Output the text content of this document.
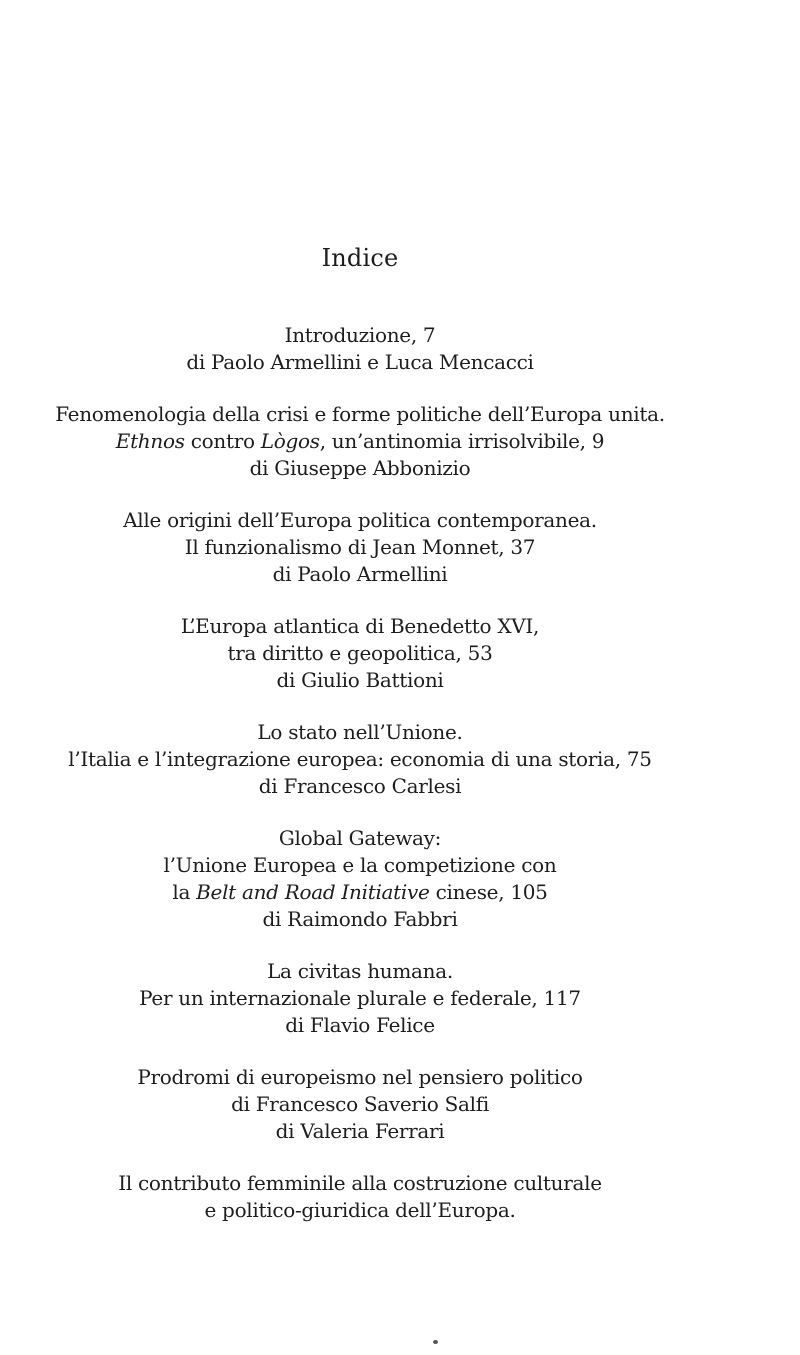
Indice
Introduzione, 7
di Paolo Armellini e Luca Mencacci
Fenomenologia della crisi e forme politiche dell’Europa unita.
Ethnos contro Lògos, un’antinomia irrisolvibile, 9
di Giuseppe Abbonizio
Alle origini dell’Europa politica contemporanea.
Il funzionalismo di Jean Monnet, 37
di Paolo Armellini
L’Europa atlantica di Benedetto XVI,
tra diritto e geopolitica, 53
di Giulio Battioni
Lo stato nell’Unione.
l’Italia e l’integrazione europea: economia di una storia, 75
di Francesco Carlesi
Global Gateway:
l’Unione Europea e la competizione con
la Belt and Road Initiative cinese, 105
di Raimondo Fabbri
La civitas humana.
Per un internazionale plurale e federale, 117
di Flavio Felice
Prodromi di europeismo nel pensiero politico
di Francesco Saverio Salfi
di Valeria Ferrari
Il contributo femminile alla costruzione culturale
e politico-giuridica dell’Europa.
